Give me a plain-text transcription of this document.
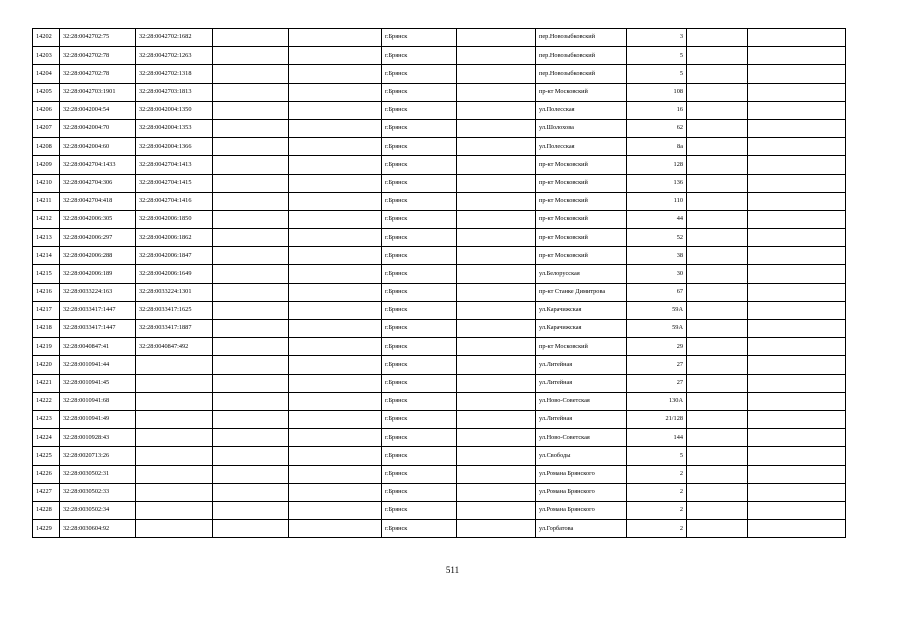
14202	32:28:0042702:75	32:28:0042702:1682			г.Брянск		пер.Новозыбковский	3		
14203	32:28:0042702:78	32:28:0042702:1263			г.Брянск		пер.Новозыбковский	5		
14204	32:28:0042702:78	32:28:0042702:1318			г.Брянск		пер.Новозыбковский	5		
14205	32:28:0042703:1901	32:28:0042703:1813			г.Брянск		пр-кт Московский	108		
14206	32:28:0042004:54	32:28:0042004:1350			г.Брянск		ул.Полесская	16		
14207	32:28:0042004:70	32:28:0042004:1353			г.Брянск		ул.Шолохова	62		
14208	32:28:0042004:60	32:28:0042004:1366			г.Брянск		ул.Полесская	8а		
14209	32:28:0042704:1433	32:28:0042704:1413			г.Брянск		пр-кт Московский	128		
14210	32:28:0042704:306	32:28:0042704:1415			г.Брянск		пр-кт Московский	136		
14211	32:28:0042704:418	32:28:0042704:1416			г.Брянск		пр-кт Московский	110		
14212	32:28:0042006:305	32:28:0042006:1850			г.Брянск		пр-кт Московский	44		
14213	32:28:0042006:297	32:28:0042006:1862			г.Брянск		пр-кт Московский	52		
14214	32:28:0042006:288	32:28:0042006:1847			г.Брянск		пр-кт Московский	38		
14215	32:28:0042006:189	32:28:0042006:1649			г.Брянск		ул.Белорусская	30		
14216	32:28:0033224:163	32:28:0033224:1301			г.Брянск		пр-кт Станке Димитрова	67		
14217	32:28:0033417:1447	32:28:0033417:1625			г.Брянск		ул.Карачижская	59А		
14218	32:28:0033417:1447	32:28:0033417:1887			г.Брянск		ул.Карачижская	59А		
14219	32:28:0040847:41	32:28:0040847:492			г.Брянск		пр-кт Московский	29		
14220	32:28:0010941:44				г.Брянск		ул.Литейная	27		
14221	32:28:0010941:45				г.Брянск		ул.Литейная	27		
14222	32:28:0010941:68				г.Брянск		ул.Ново-Советская	130А		
14223	32:28:0010941:49				г.Брянск		ул.Литейная	21/128		
14224	32:28:0010928:43				г.Брянск		ул.Ново-Советская	144		
14225	32:28:0020713:26				г.Брянск		ул.Свободы	5		
14226	32:28:0030502:31				г.Брянск		ул.Романа Брянского	2		
14227	32:28:0030502:33				г.Брянск		ул.Романа Брянского	2		
14228	32:28:0030502:34				г.Брянск		ул.Романа Брянского	2		
14229	32:28:0030604:92				г.Брянск		ул.Горбатова	2		
511
